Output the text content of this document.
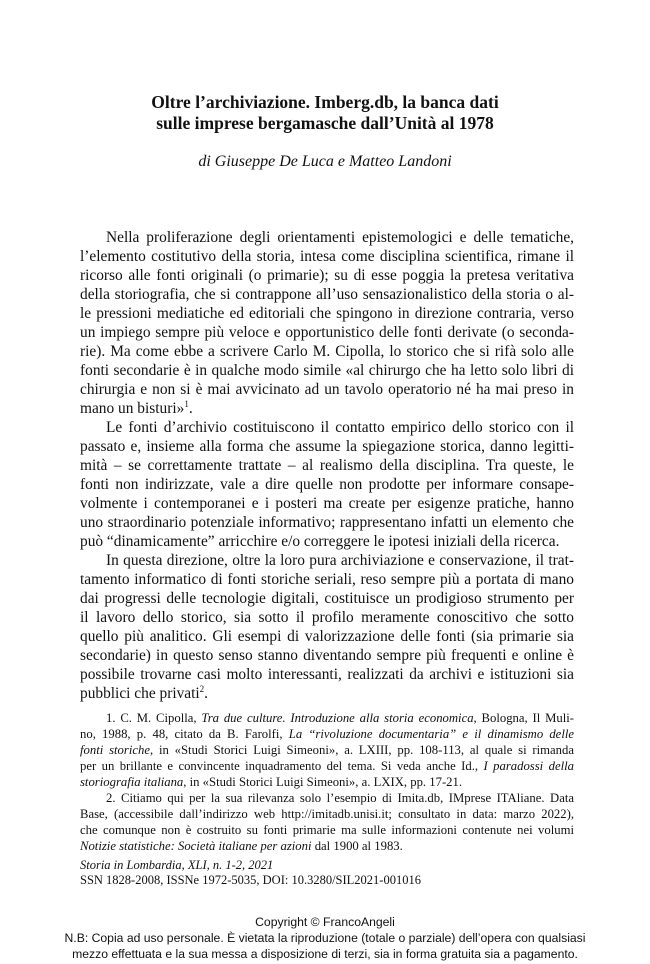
Oltre l’archiviazione. Imberg.db, la banca dati
sulle imprese bergamasche dall’Unità al 1978
di Giuseppe De Luca e Matteo Landoni
Nella proliferazione degli orientamenti epistemologici e delle tematiche,
l’elemento costitutivo della storia, intesa come disciplina scientifica, rimane il
ricorso alle fonti originali (o primarie); su di esse poggia la pretesa veritativa
della storiografia, che si contrappone all’uso sensazionalistico della storia o al-
le pressioni mediatiche ed editoriali che spingono in direzione contraria, verso
un impiego sempre più veloce e opportunistico delle fonti derivate (o seconda-
rie). Ma come ebbe a scrivere Carlo M. Cipolla, lo storico che si rifà solo alle
fonti secondarie è in qualche modo simile «al chirurgo che ha letto solo libri di
chirurgia e non si è mai avvicinato ad un tavolo operatorio né ha mai preso in
mano un bisturi»$^1$.
Le fonti d’archivio costituiscono il contatto empirico dello storico con il
passato e, insieme alla forma che assume la spiegazione storica, danno legitti-
mità – se correttamente trattate – al realismo della disciplina. Tra queste, le
fonti non indirizzate, vale a dire quelle non prodotte per informare consape-
volmente i contemporanei e i posteri ma create per esigenze pratiche, hanno
uno straordinario potenziale informativo; rappresentano infatti un elemento che
può “dinamicamente” arricchire e/o correggere le ipotesi iniziali della ricerca.
In questa direzione, oltre la loro pura archiviazione e conservazione, il trat-
tamento informatico di fonti storiche seriali, reso sempre più a portata di mano
dai progressi delle tecnologie digitali, costituisce un prodigioso strumento per
il lavoro dello storico, sia sotto il profilo meramente conoscitivo che sotto
quello più analitico. Gli esempi di valorizzazione delle fonti (sia primarie sia
secondarie) in questo senso stanno diventando sempre più frequenti e online è
possibile trovarne casi molto interessanti, realizzati da archivi e istituzioni sia
pubblici che privati$^2$.
1. C. M. Cipolla, Tra due culture. Introduzione alla storia economica, Bologna, Il Muli-
no, 1988, p. 48, citato da B. Farolfi, La “rivoluzione documentaria” e il dinamismo delle
fonti storiche, in «Studi Storici Luigi Simeoni», a. LXIII, pp. 108-113, al quale si rimanda
per un brillante e convincente inquadramento del tema. Si veda anche Id., I paradossi della
storiografia italiana, in «Studi Storici Luigi Simeoni», a. LXIX, pp. 17-21.
2. Citiamo qui per la sua rilevanza solo l’esempio di Imita.db, IMprese ITAliane. Data
Base, (accessibile dall’indirizzo web http://imitadb.unisi.it; consultato in data: marzo 2022),
che comunque non è costruito su fonti primarie ma sulle informazioni contenute nei volumi
Notizie statistiche: Società italiane per azioni dal 1900 al 1983.
Storia in Lombardia, XLI, n. 1-2, 2021
SSN 1828-2008, ISSNe 1972-5035, DOI: 10.3280/SIL2021-001016
Copyright © FrancoAngeli
N.B: Copia ad uso personale. È vietata la riproduzione (totale o parziale) dell’opera con qualsiasi
mezzo effettuata e la sua messa a disposizione di terzi, sia in forma gratuita sia a pagamento.
